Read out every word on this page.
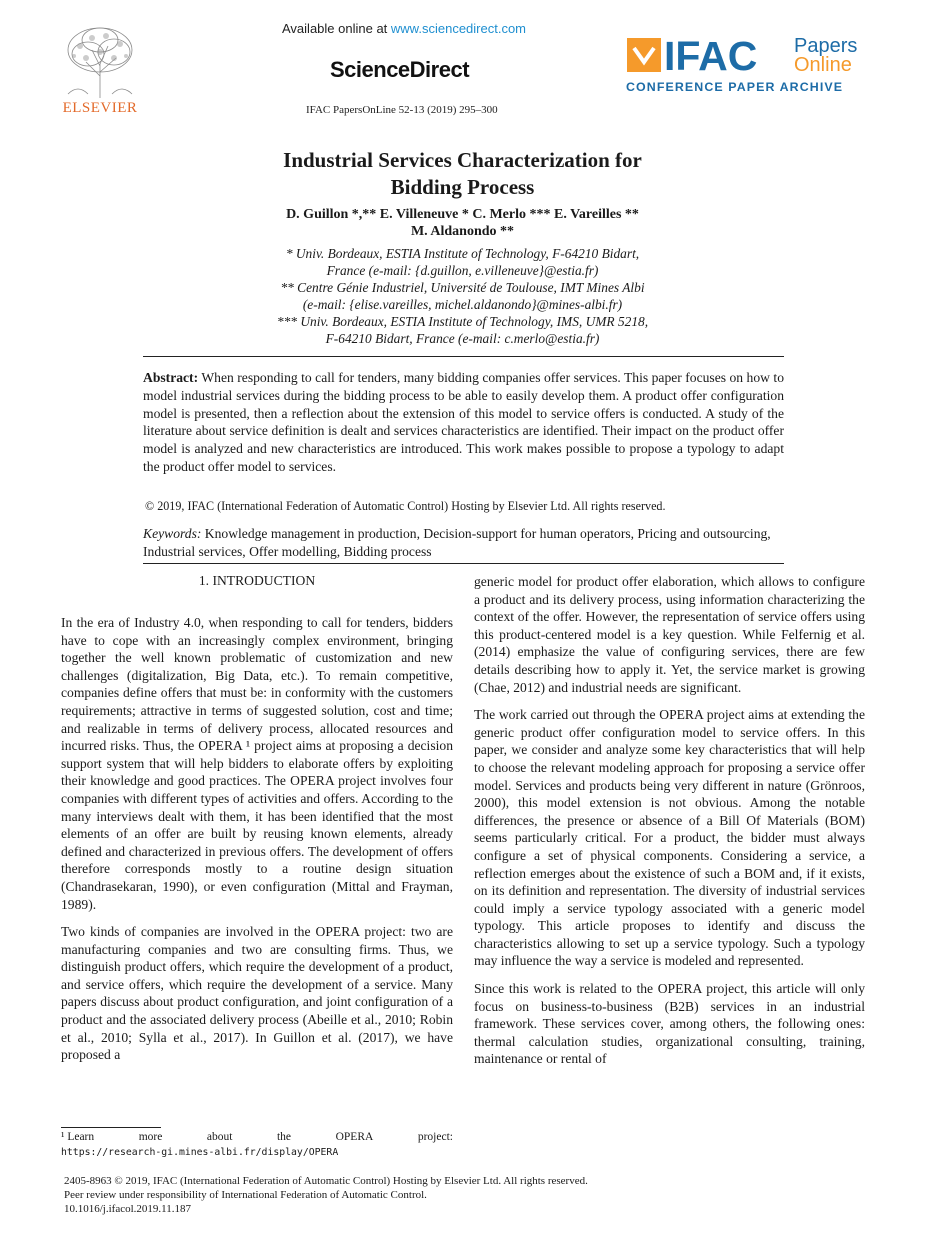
Available online at www.sciencedirect.com
ScienceDirect
IFAC PapersOnLine 52-13 (2019) 295–300
ELSEVIER
IFAC Papers
Online
CONFERENCE PAPER ARCHIVE
Industrial Services Characterization for
Bidding Process
D. Guillon *,** E. Villeneuve * C. Merlo *** E. Vareilles **
M. Aldanondo **
* Univ. Bordeaux, ESTIA Institute of Technology, F-64210 Bidart,
France (e-mail: {d.guillon, e.villeneuve}@estia.fr)
** Centre Génie Industriel, Université de Toulouse, IMT Mines Albi
(e-mail: {elise.vareilles, michel.aldanondo}@mines-albi.fr)
*** Univ. Bordeaux, ESTIA Institute of Technology, IMS, UMR 5218,
F-64210 Bidart, France (e-mail: c.merlo@estia.fr)
Abstract: When responding to call for tenders, many bidding companies offer services. This paper focuses on how to model industrial services during the bidding process to be able to easily develop them. A product offer configuration model is presented, then a reflection about the extension of this model to service offers is conducted. A study of the literature about service definition is dealt and services characteristics are identified. Their impact on the product offer model is analyzed and new characteristics are introduced. This work makes possible to propose a typology to adapt the product offer model to services.
© 2019, IFAC (International Federation of Automatic Control) Hosting by Elsevier Ltd. All rights reserved.
Keywords: Knowledge management in production, Decision-support for human operators, Pricing and outsourcing, Industrial services, Offer modelling, Bidding process
1. INTRODUCTION

In the era of Industry 4.0, when responding to call for tenders, bidders have to cope with an increasingly complex environment, bringing together the well known problematic of customization and new challenges (digitalization, Big Data, etc.). To remain competitive, companies define offers that must be: in conformity with the customers requirements; attractive in terms of suggested solution, cost and time; and realizable in terms of delivery process, allocated resources and incurred risks. Thus, the OPERA ¹ project aims at proposing a decision support system that will help bidders to elaborate offers by exploiting their knowledge and good practices. The OPERA project involves four companies with different types of activities and offers. According to the many interviews dealt with them, it has been identified that the most elements of an offer are built by reusing known elements, already defined and characterized in previous offers. The development of offers therefore corresponds mostly to a routine design situation (Chandrasekaran, 1990), or even configuration (Mittal and Frayman, 1989).

Two kinds of companies are involved in the OPERA project: two are manufacturing companies and two are consulting firms. Thus, we distinguish product offers, which require the development of a product, and service offers, which require the development of a service. Many papers discuss about product configuration, and joint configuration of a product and the associated delivery process (Abeille et al., 2010; Robin et al., 2010; Sylla et al., 2017). In Guillon et al. (2017), we have proposed a

generic model for product offer elaboration, which allows to configure a product and its delivery process, using information characterizing the context of the offer. However, the representation of service offers using this product-centered model is a key question. While Felfernig et al. (2014) emphasize the value of configuring services, there are few details describing how to apply it. Yet, the service market is growing (Chae, 2012) and industrial needs are significant.

The work carried out through the OPERA project aims at extending the generic product offer configuration model to service offers. In this paper, we consider and analyze some key characteristics that will help to choose the relevant modeling approach for proposing a service offer model. Services and products being very different in nature (Grönroos, 2000), this model extension is not obvious. Among the notable differences, the presence or absence of a Bill Of Materials (BOM) seems particularly critical. For a product, the bidder must always configure a set of physical components. Considering a service, a reflection emerges about the existence of such a BOM and, if it exists, on its definition and representation. The diversity of industrial services could imply a service typology associated with a generic model typology. This article proposes to identify and discuss the characteristics allowing to set up a service typology. Such a typology may influence the way a service is modeled and represented.

Since this work is related to the OPERA project, this article will only focus on business-to-business (B2B) services in an industrial framework. These services cover, among others, the following ones: thermal calculation studies, organizational consulting, training, maintenance or rental of

¹ Learn	more	about	the	OPERA	project:
https://research-gi.mines-albi.fr/display/OPERA
2405-8963 © 2019, IFAC (International Federation of Automatic Control) Hosting by Elsevier Ltd. All rights reserved.
Peer review under responsibility of International Federation of Automatic Control.
10.1016/j.ifacol.2019.11.187
